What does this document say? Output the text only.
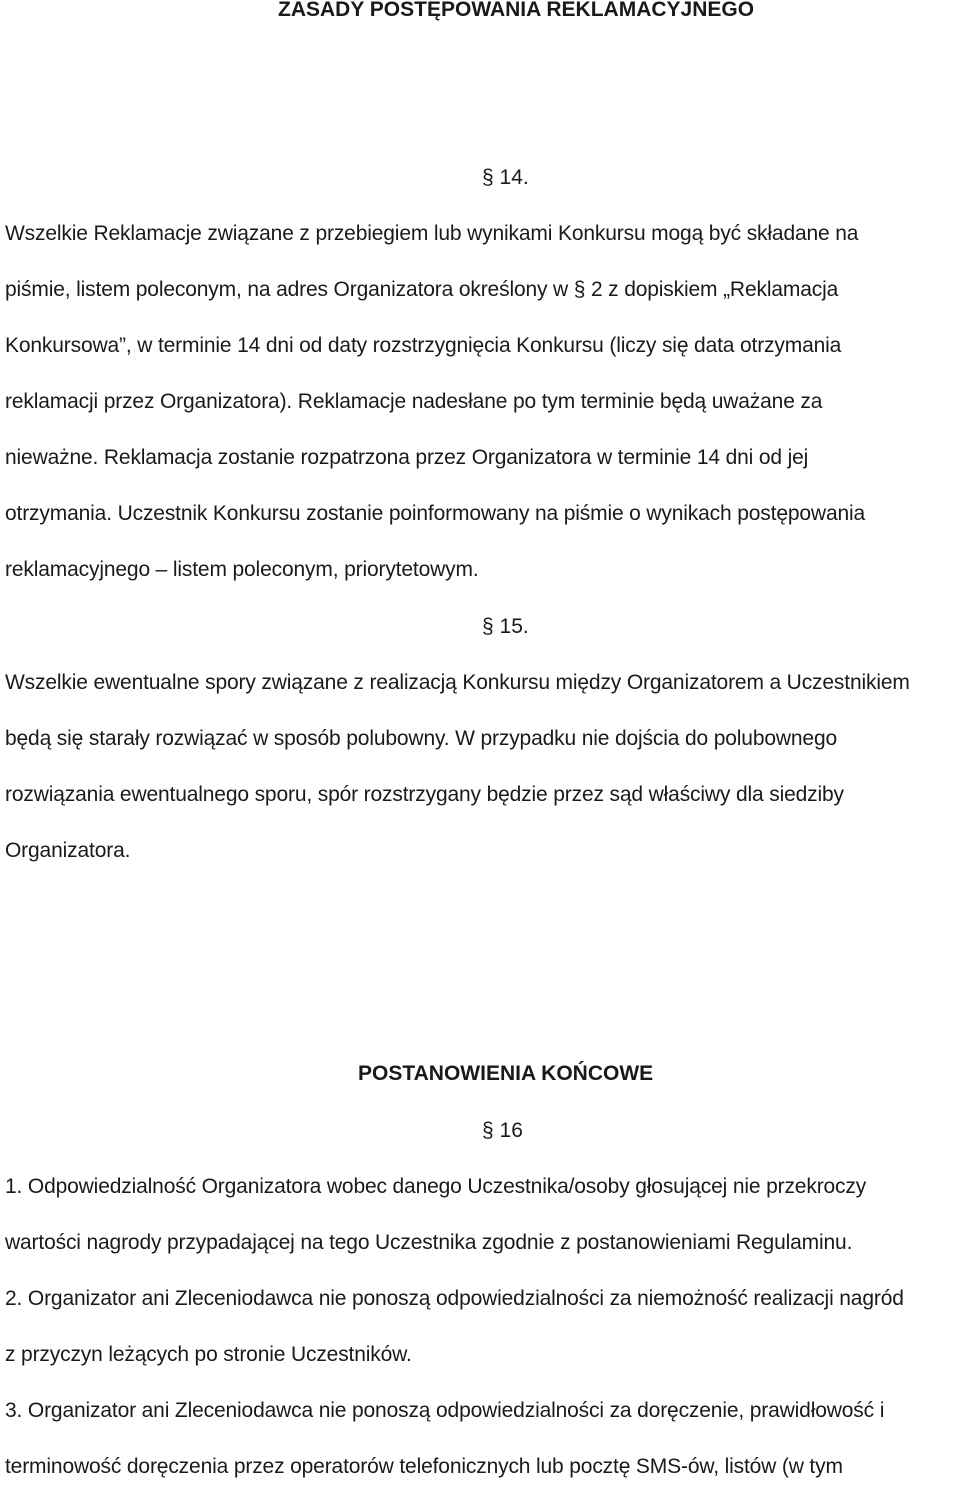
ZASADY POSTĘPOWANIA REKLAMACYJNEGO
§ 14.
Wszelkie Reklamacje związane z przebiegiem lub wynikami Konkursu mogą być składane na
piśmie, listem poleconym, na adres Organizatora określony w § 2 z dopiskiem „Reklamacja
Konkursowa”, w terminie 14 dni od daty rozstrzygnięcia Konkursu (liczy się data otrzymania
reklamacji przez Organizatora). Reklamacje nadesłane po tym terminie będą uważane za
nieważne. Reklamacja zostanie rozpatrzona przez Organizatora w terminie 14 dni od jej
otrzymania. Uczestnik Konkursu zostanie poinformowany na piśmie o wynikach postępowania
reklamacyjnego – listem poleconym, priorytetowym.
§ 15.
Wszelkie ewentualne spory związane z realizacją Konkursu między Organizatorem a Uczestnikiem
będą się starały rozwiązać w sposób polubowny. W przypadku nie dojścia do polubownego
rozwiązania ewentualnego sporu, spór rozstrzygany będzie przez sąd właściwy dla siedziby
Organizatora.
POSTANOWIENIA KOŃCOWE
§ 16
1. Odpowiedzialność Organizatora wobec danego Uczestnika/osoby głosującej nie przekroczy
wartości nagrody przypadającej na tego Uczestnika zgodnie z postanowieniami Regulaminu.
2. Organizator ani Zleceniodawca nie ponoszą odpowiedzialności za niemożność realizacji nagród
z przyczyn leżących po stronie Uczestników.
3. Organizator ani Zleceniodawca nie ponoszą odpowiedzialności za doręczenie, prawidłowość i
terminowość doręczenia przez operatorów telefonicznych lub pocztę SMS-ów, listów (w tym
